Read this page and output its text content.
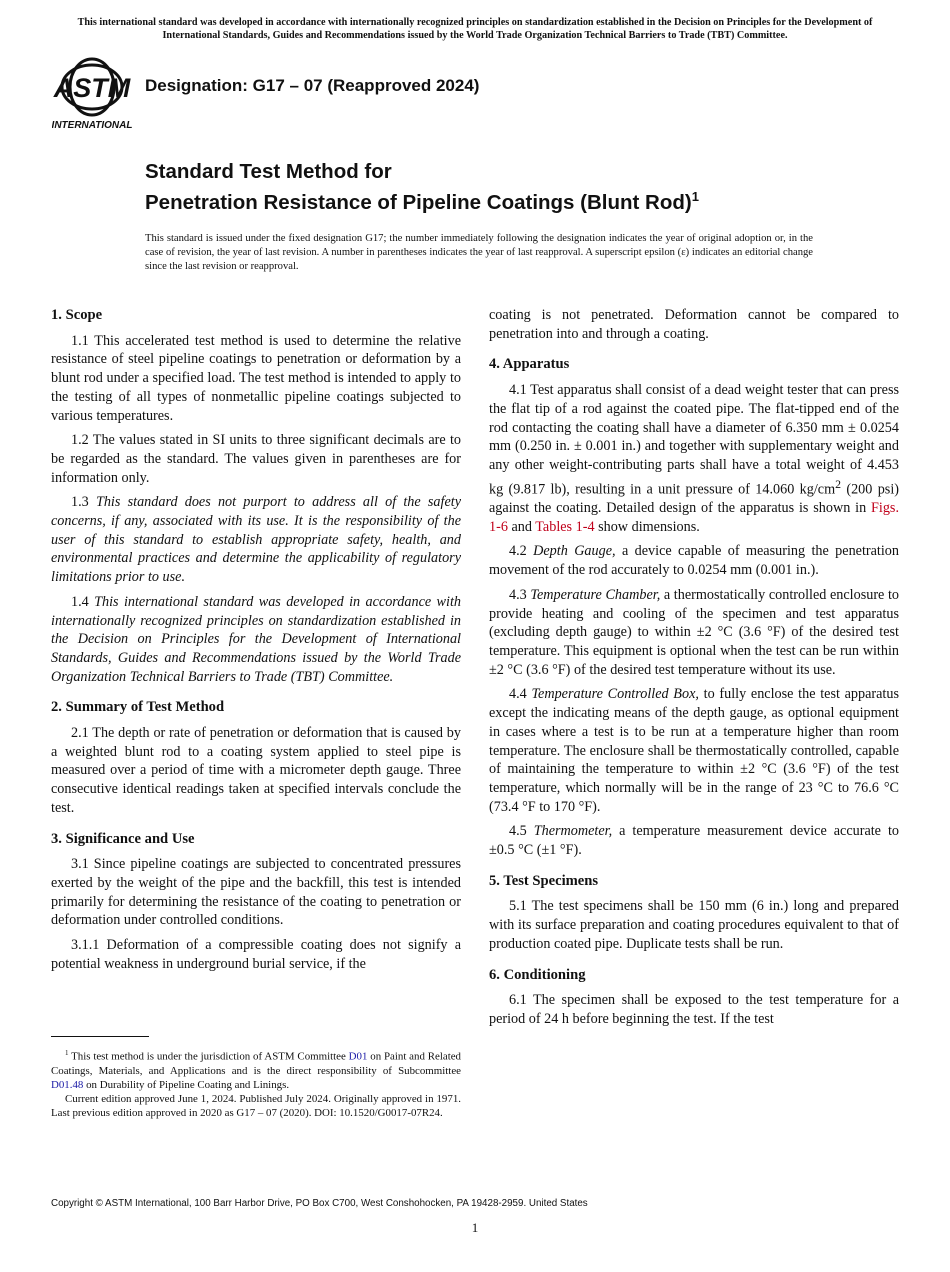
This international standard was developed in accordance with internationally recognized principles on standardization established in the Decision on Principles for the Development of International Standards, Guides and Recommendations issued by the World Trade Organization Technical Barriers to Trade (TBT) Committee.
ASTM
INTERNATIONAL
Designation: G17 – 07 (Reapproved 2024)
Standard Test Method for
Penetration Resistance of Pipeline Coatings (Blunt Rod)$^1$
This standard is issued under the fixed designation G17; the number immediately following the designation indicates the year of original adoption or, in the case of revision, the year of last revision. A number in parentheses indicates the year of last reapproval. A superscript epsilon (ε) indicates an editorial change since the last revision or reapproval.
1. Scope

1.1 This accelerated test method is used to determine the relative resistance of steel pipeline coatings to penetration or deformation by a blunt rod under a specified load. The test method is intended to apply to the testing of all types of nonmetallic pipeline coatings subjected to various temperatures.

1.2 The values stated in SI units to three significant decimals are to be regarded as the standard. The values given in parentheses are for information only.

1.3 This standard does not purport to address all of the safety concerns, if any, associated with its use. It is the responsibility of the user of this standard to establish appropriate safety, health, and environmental practices and determine the applicability of regulatory limitations prior to use.

1.4 This international standard was developed in accordance with internationally recognized principles on standardization established in the Decision on Principles for the Development of International Standards, Guides and Recommendations issued by the World Trade Organization Technical Barriers to Trade (TBT) Committee.

2. Summary of Test Method

2.1 The depth or rate of penetration or deformation that is caused by a weighted blunt rod to a coating system applied to steel pipe is measured over a period of time with a micrometer depth gauge. Three consecutive identical readings taken at specified intervals conclude the test.

3. Significance and Use

3.1 Since pipeline coatings are subjected to concentrated pressures exerted by the weight of the pipe and the backfill, this test is intended primarily for determining the resistance of the coating to penetration or deformation under controlled conditions.

3.1.1 Deformation of a compressible coating does not signify a potential weakness in underground burial service, if the

$^1$ This test method is under the jurisdiction of ASTM Committee D01 on Paint and Related Coatings, Materials, and Applications and is the direct responsibility of Subcommittee D01.48 on Durability of Pipeline Coating and Linings.

Current edition approved June 1, 2024. Published July 2024. Originally approved in 1971. Last previous edition approved in 2020 as G17 – 07 (2020). DOI: 10.1520/G0017-07R24.

coating is not penetrated. Deformation cannot be compared to penetration into and through a coating.

4. Apparatus

4.1 Test apparatus shall consist of a dead weight tester that can press the flat tip of a rod against the coated pipe. The flat-tipped end of the rod contacting the coating shall have a diameter of 6.350 mm ± 0.0254 mm (0.250 in. ± 0.001 in.) and together with supplementary weight and any other weight-contributing parts shall have a total weight of 4.453 kg (9.817 lb), resulting in a unit pressure of 14.060 $kg/cm^2$ (200 psi) against the coating. Detailed design of the apparatus is shown in Figs. 1-6 and Tables 1-4 show dimensions.

4.2 Depth Gauge, a device capable of measuring the penetration movement of the rod accurately to 0.0254 mm (0.001 in.).

4.3 Temperature Chamber, a thermostatically controlled enclosure to provide heating and cooling of the specimen and test apparatus (excluding depth gauge) to within ±2 °C (3.6 °F) of the desired test temperature. This equipment is optional when the test can be run within ±2 °C (3.6 °F) of the desired test temperature without its use.

4.4 Temperature Controlled Box, to fully enclose the test apparatus except the indicating means of the depth gauge, as optional equipment in cases where a test is to be run at a temperature higher than room temperature. The enclosure shall be thermostatically controlled, capable of maintaining the temperature to within ±2 °C (3.6 °F) of the test temperature, which normally will be in the range of 23 °C to 76.6 °C (73.4 °F to 170 °F).

4.5 Thermometer, a temperature measurement device accurate to ±0.5 °C (±1 °F).

5. Test Specimens

5.1 The test specimens shall be 150 mm (6 in.) long and prepared with its surface preparation and coating procedures equivalent to that of production coated pipe. Duplicate tests shall be run.

6. Conditioning

6.1 The specimen shall be exposed to the test temperature for a period of 24 h before beginning the test. If the test

Copyright © ASTM International, 100 Barr Harbor Drive, PO Box C700, West Conshohocken, PA 19428-2959. United States
1
